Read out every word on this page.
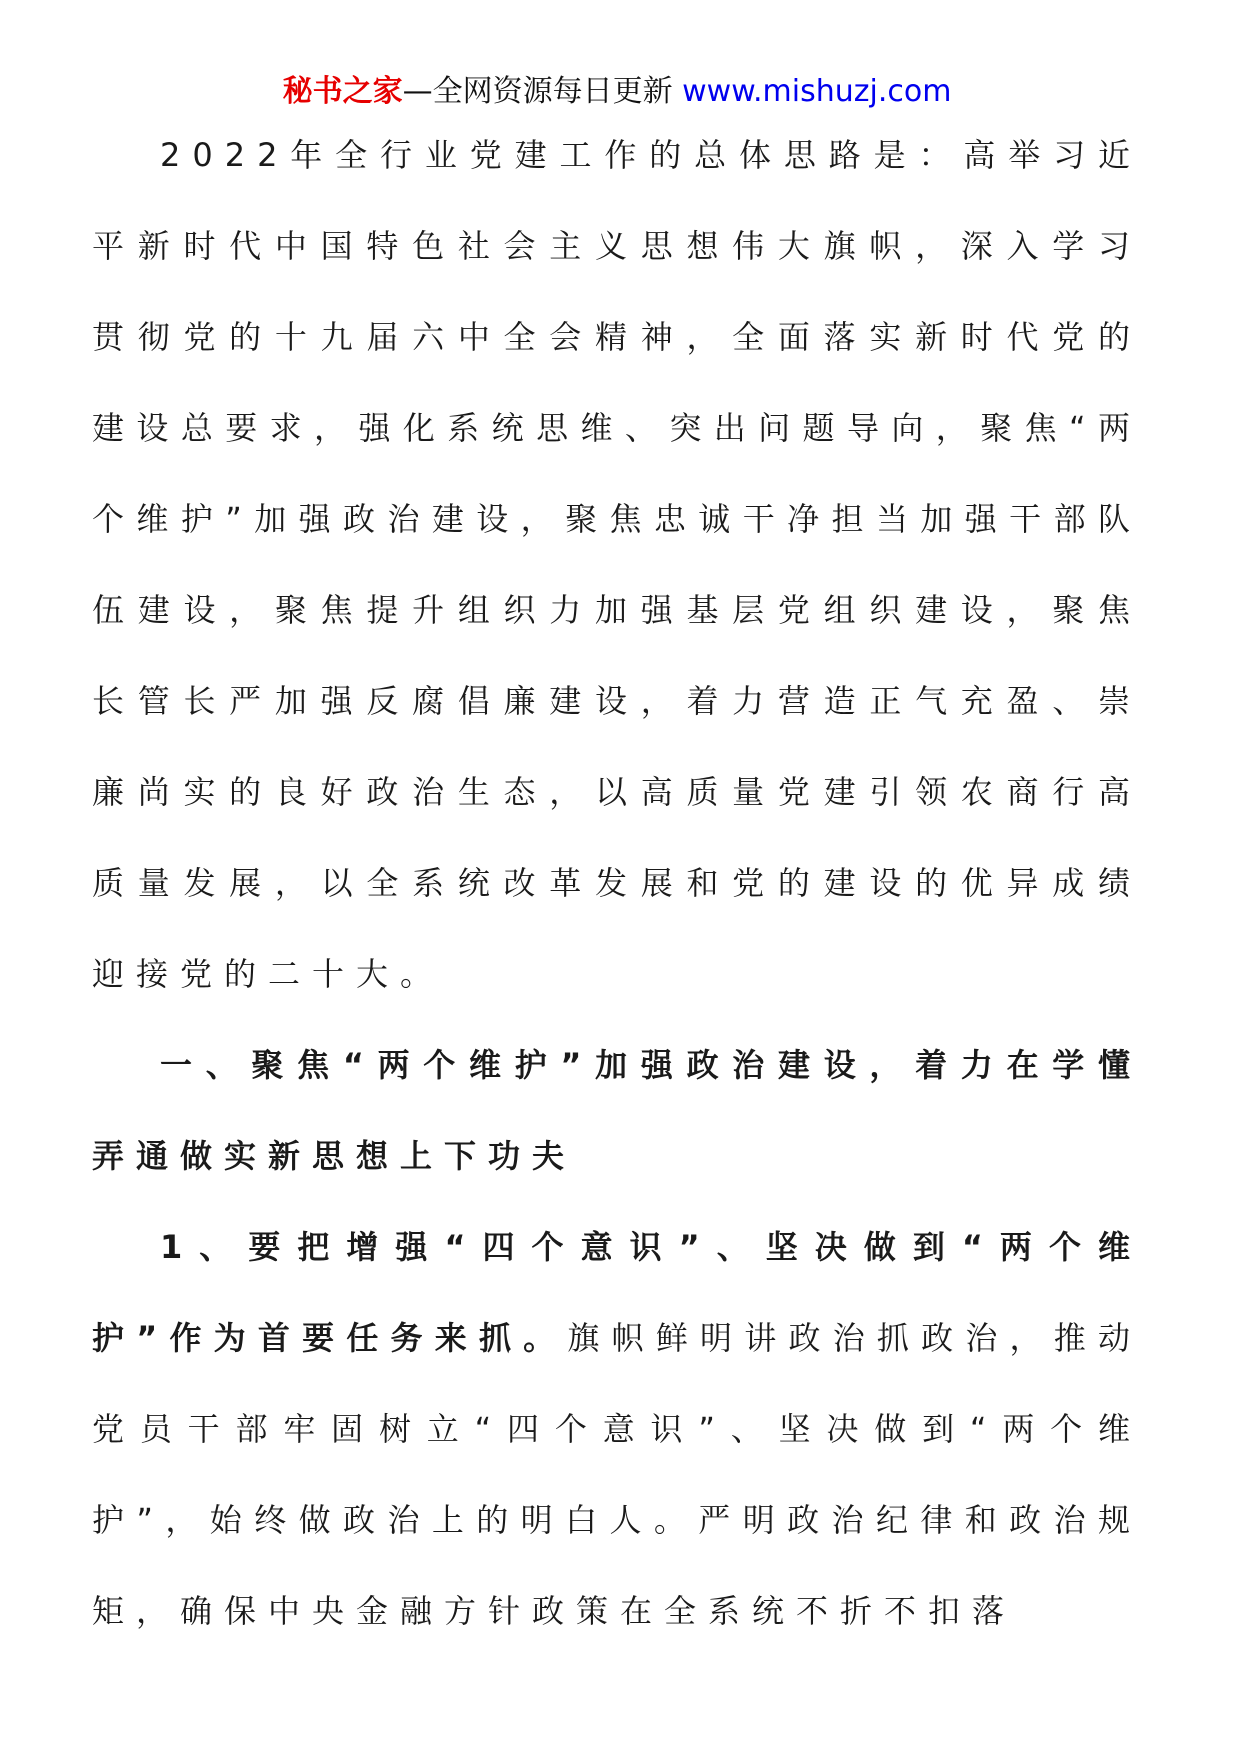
秘书之家—全网资源每日更新 www.mishuzj.com

2022年全行业党建工作的总体思路是：高举习近平新时代中国特色社会主义思想伟大旗帜，深入学习贯彻党的十九届六中全会精神，全面落实新时代党的建设总要求，强化系统思维、突出问题导向，聚焦“两个维护”加强政治建设，聚焦忠诚干净担当加强干部队伍建设，聚焦提升组织力加强基层党组织建设，聚焦长管长严加强反腐倡廉建设，着力营造正气充盈、崇廉尚实的良好政治生态，以高质量党建引领农商行高质量发展，以全系统改革发展和党的建设的优异成绩迎接党的二十大。

一、聚焦“两个维护”加强政治建设，着力在学懂弄通做实新思想上下功夫

1、要把增强“四个意识”、坚决做到“两个维护”作为首要任务来抓。旗帜鲜明讲政治抓政治，推动党员干部牢固树立“四个意识”、坚决做到“两个维护”，始终做政治上的明白人。严明政治纪律和政治规矩，确保中央金融方针政策在全系统不折不扣落
